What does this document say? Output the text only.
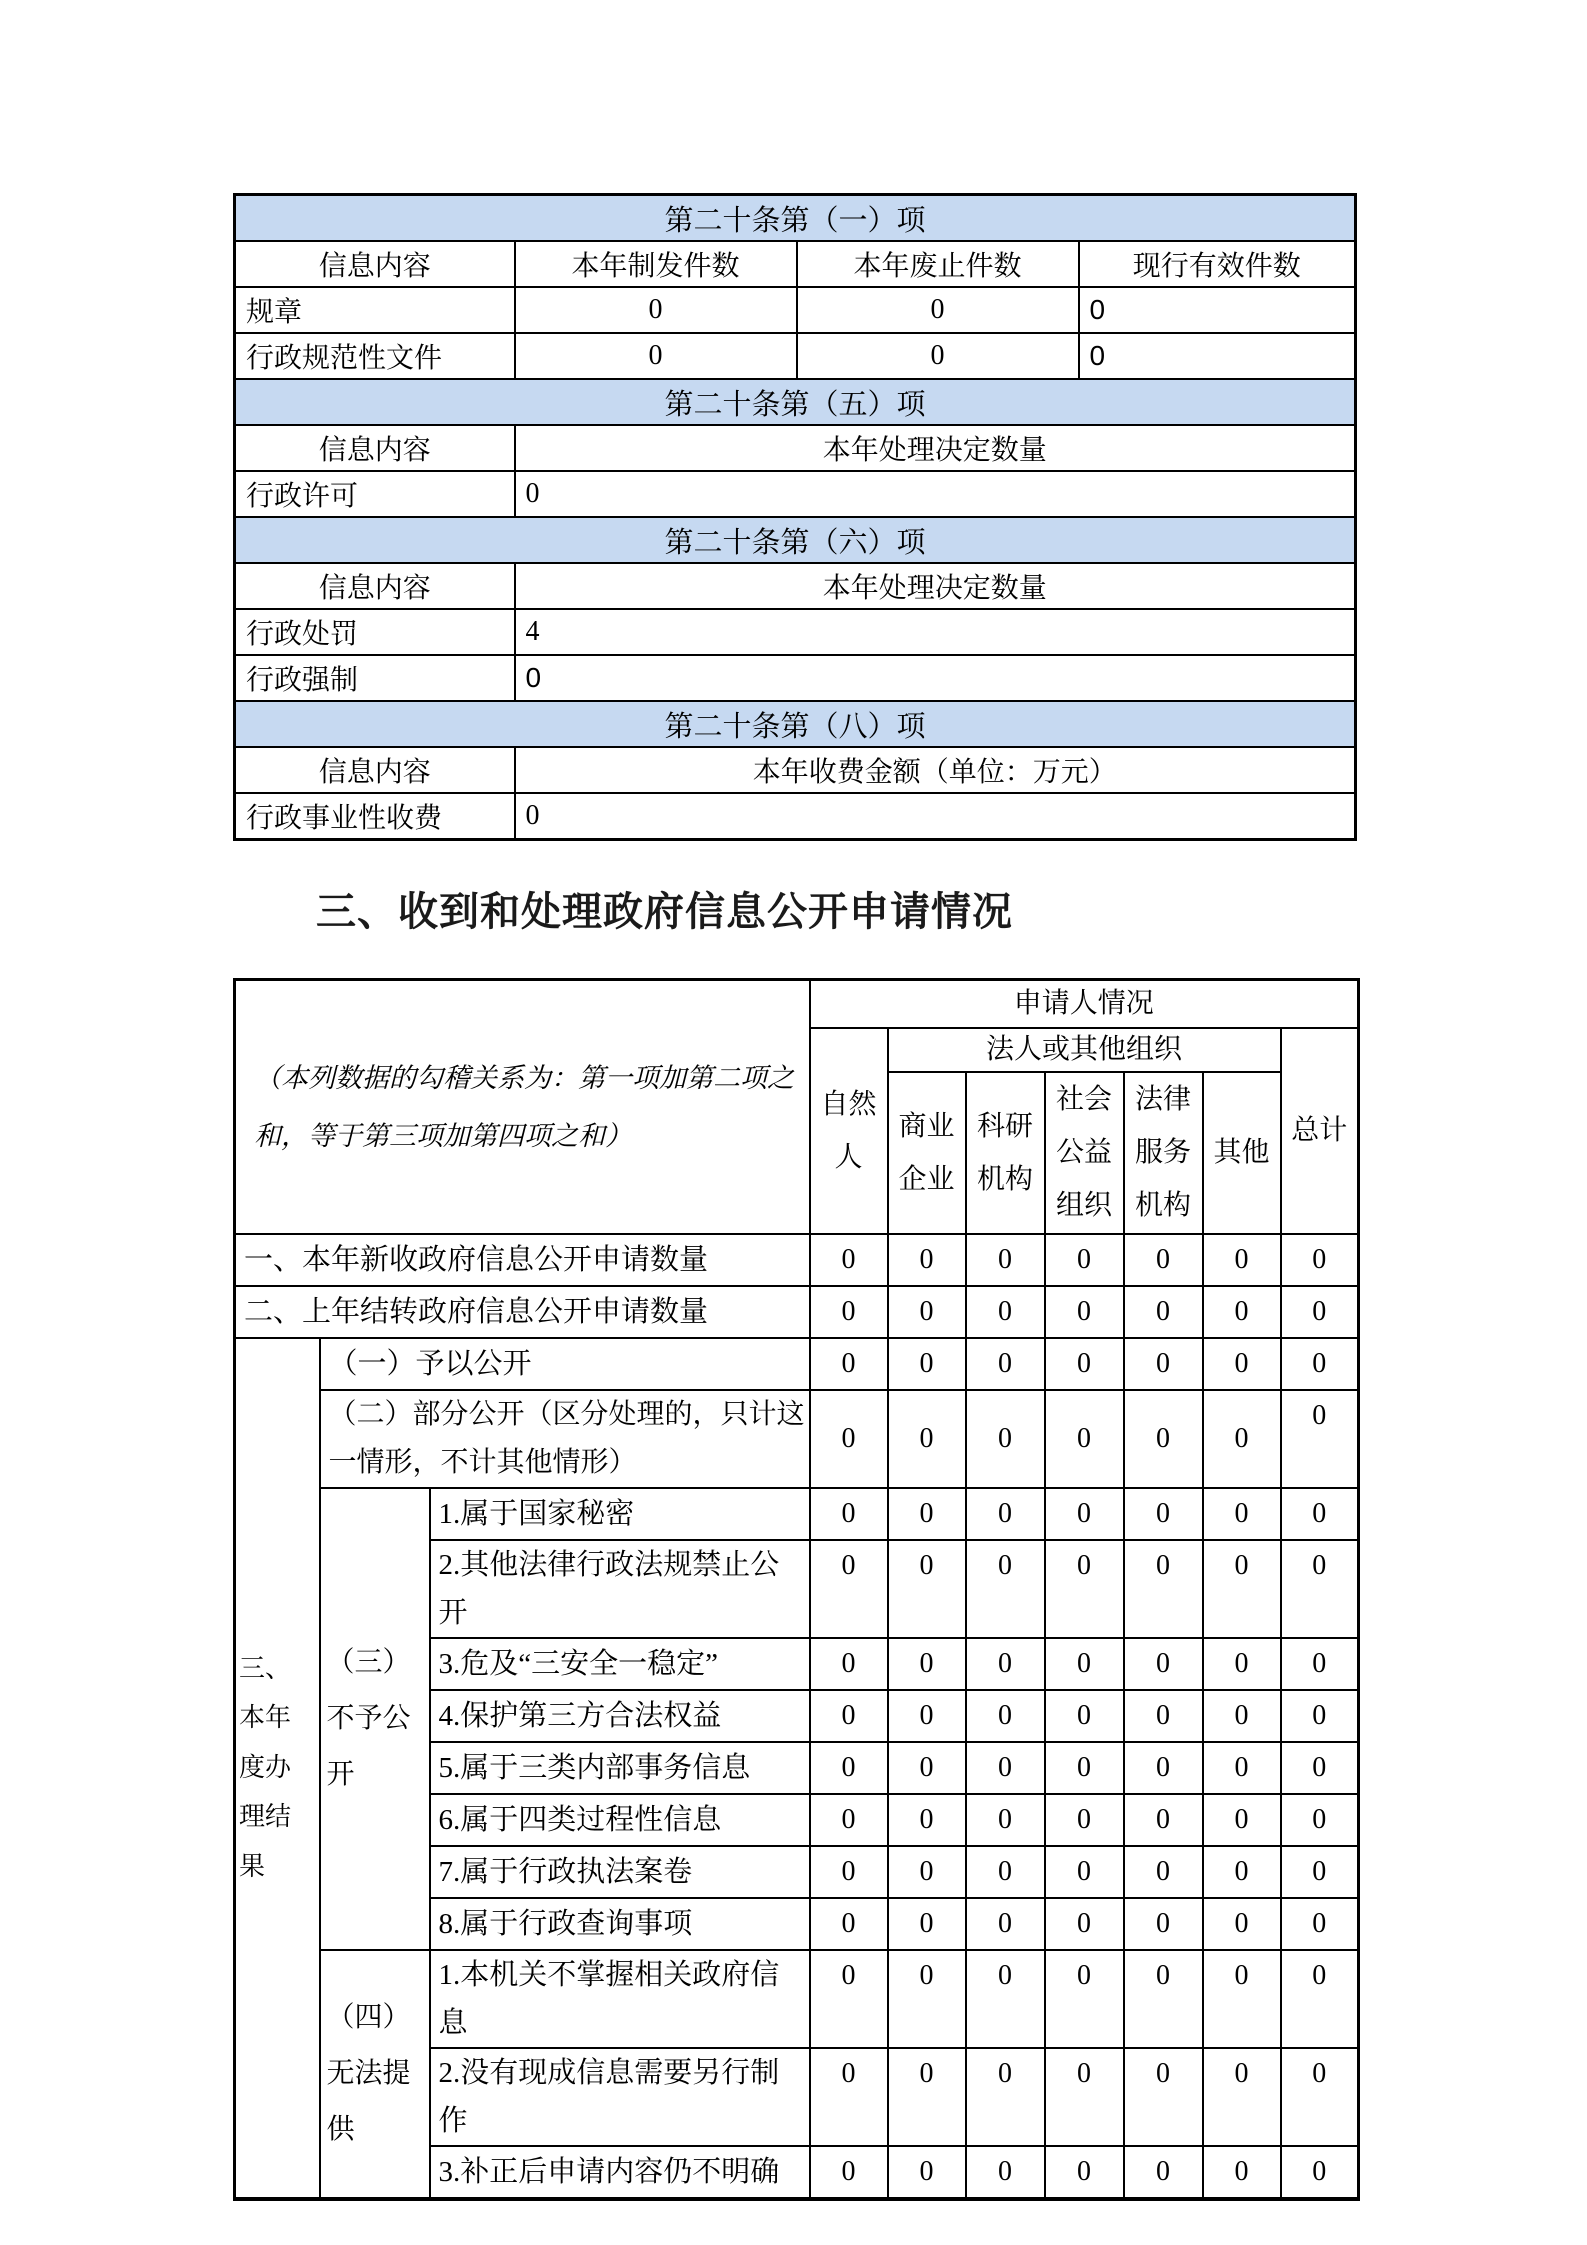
第二十条第（一）项			
信息内容	本年制发件数	本年废止件数	现行有效件数
规章	0	0	0
行政规范性文件	0	0	0
第二十条第（五）项			
信息内容	本年处理决定数量		
行政许可	0		
第二十条第（六）项			
信息内容	本年处理决定数量		
行政处罚	4		
行政强制	0		
第二十条第（八）项			
信息内容	本年收费金额（单位：万元）		
行政事业性收费	0		
三、收到和处理政府信息公开申请情况
（本列数据的勾稽关系为：第一项加第二项之和，等于第三项加第四项之和）			申请人情况						
			自然人	法人或其他组织					总计
				商业企业	科研机构	社会公益组织	法律服务机构	其他	
一、本年新收政府信息公开申请数量			0	0	0	0	0	0	0
二、上年结转政府信息公开申请数量			0	0	0	0	0	0	0
三、本年度办理结果	（一）予以公开		0	0	0	0	0	0	0
	（二）部分公开（区分处理的，只计这一情形，不计其他情形）		0	0	0	0	0	0	0
	（三）不予公开	1.属于国家秘密	0	0	0	0	0	0	0
		2.其他法律行政法规禁止公开	0	0	0	0	0	0	0
		3.危及“三安全一稳定”	0	0	0	0	0	0	0
		4.保护第三方合法权益	0	0	0	0	0	0	0
		5.属于三类内部事务信息	0	0	0	0	0	0	0
		6.属于四类过程性信息	0	0	0	0	0	0	0
		7.属于行政执法案卷	0	0	0	0	0	0	0
		8.属于行政查询事项	0	0	0	0	0	0	0
	（四）无法提供	1.本机关不掌握相关政府信息	0	0	0	0	0	0	0
		2.没有现成信息需要另行制作	0	0	0	0	0	0	0
		3.补正后申请内容仍不明确	0	0	0	0	0	0	0
